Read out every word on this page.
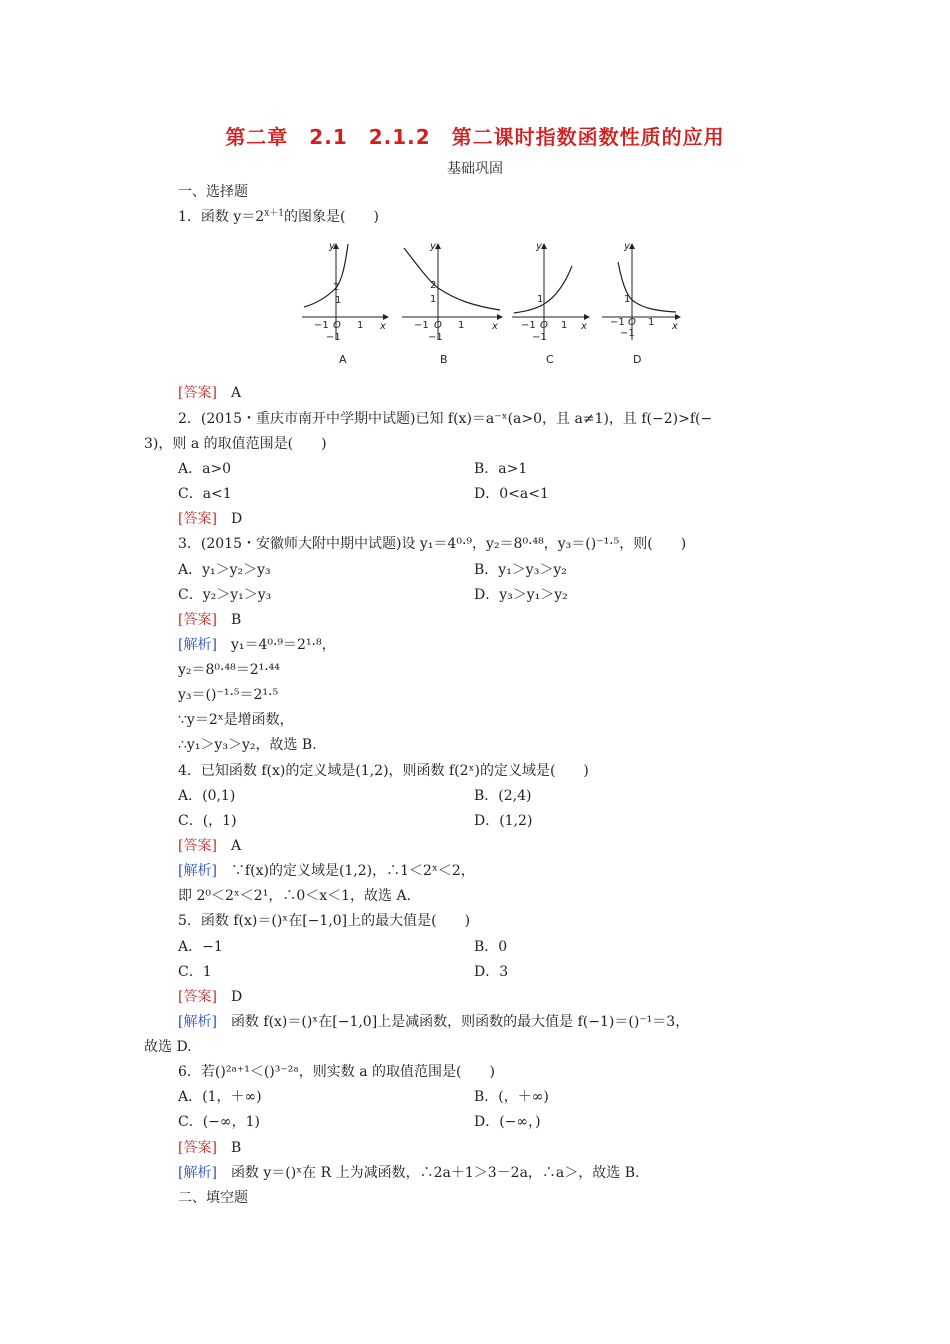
第二章　2.1　2.1.2　第二课时指数函数性质的应用
基础巩固
一、选择题
1．函数 $y=2^{x+1}$的图象是(　　)
y
x
2
1
−1 O 1
−1
y
x
2
1
−1 O 1
−1
y
x
1
−1 O 1
−1
y
x
1
−1 O 1
−1
A	B	C	D
[答案]　 A
2．(2015・重庆市南开中学期中试题)已知 f(x)＝a⁻ˣ(a>0，且 a≠1)，且 f(−2)>f(−
3)，则 a 的取值范围是(　　)
A．a>0	B．a>1
C．a<1	D．0<a<1
[答案]　 D
3．(2015・安徽师大附中期中试题)设 y₁＝4⁰·⁹，y₂＝8⁰·⁴⁸，y₃＝()⁻¹·⁵，则(　　)
A．y₁＞y₂＞y₃	B．y₁＞y₃＞y₂
C．y₂＞y₁＞y₃	D．y₃＞y₁＞y₂
[答案]　 B
[解析]　 y₁＝4⁰·⁹＝2¹·⁸，
y₂＝8⁰·⁴⁸＝2¹·⁴⁴
y₃＝()⁻¹·⁵＝2¹·⁵
∵y＝2ˣ是增函数，
∴y₁＞y₃＞y₂，故选 B.
4．已知函数 f(x)的定义域是(1,2)，则函数 f(2ˣ)的定义域是(　　)
A．(0,1)	B．(2,4)
C．(，1)	D．(1,2)
[答案]　 A
[解析]　 ∵f(x)的定义域是(1,2)，∴1＜2ˣ＜2，
即 2⁰＜2ˣ＜2¹，∴0＜x＜1，故选 A.
5．函数 f(x)＝()ˣ在[−1,0]上的最大值是(　　)
A．−1	B．0
C．1	D．3
[答案]　 D
[解析]　 函数 f(x)＝()ˣ在[−1,0]上是减函数，则函数的最大值是 f(−1)＝()⁻¹＝3，
故选 D.
6．若()²ᵃ⁺¹＜()³⁻²ᵃ，则实数 a 的取值范围是(　　)
A．(1，＋∞)	B．(，＋∞)
C．(−∞，1)	D．(−∞，)
[答案]　 B
[解析]　 函数 y＝()ˣ在 R 上为减函数，∴2a＋1＞3－2a，∴a＞，故选 B.
二、填空题
